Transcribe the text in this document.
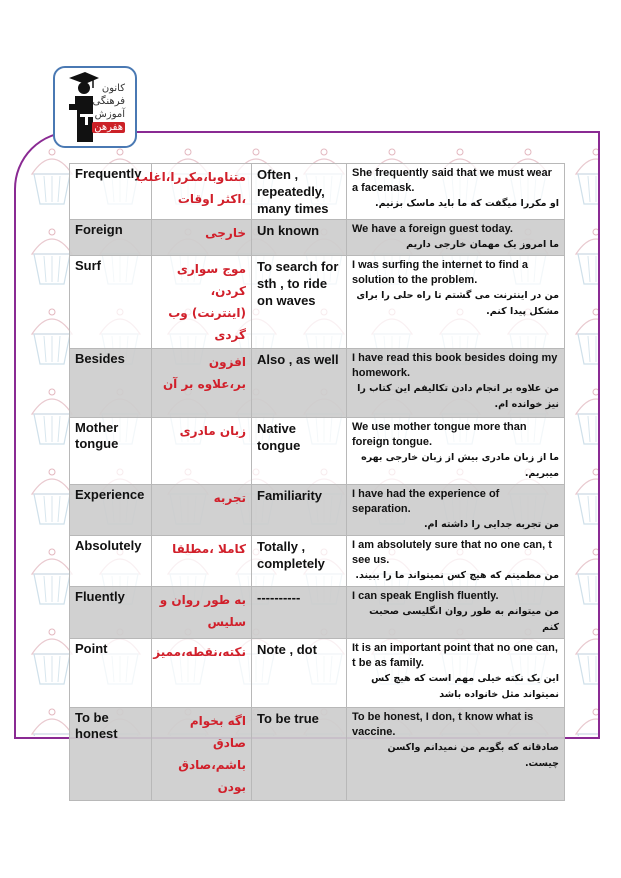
کانون
فرهنگی
آموزش
هفرهن
Frequently	متناوبا،مکررا،اغلب ،اکثر اوقات	Often , repeatedly, many times	She frequently said that we must wear a facemask.
او مکررا میگفت که ما باید ماسک بزنیم.

Foreign	خارجی	Un known	We have a foreign guest today.
ما امروز یک مهمان خارجی داریم

Surf	موج سواری کردن،(اینترنت) وب گردی	To search for sth , to ride on waves	I was surfing the internet to find a solution to the problem.
من در اینترنت می گشتم تا راه حلی را برای مشکل پیدا کنم.

Besides	افزون بر،علاوه بر آن	Also , as well	I have read this book besides doing my homework.
من علاوه بر انجام دادن تکالیفم این کتاب را نیز خوانده ام.

Mother tongue	زبان مادری	Native tongue	We use mother tongue more than foreign tongue.
ما از زبان مادری بیش از زبان خارجی بهره میبریم.

Experience	تجربه	Familiarity	I have had the experience of separation.
من تجربه جدایی را داشته ام.

Absolutely	کاملا ،مطلقا	Totally , completely	I am absolutely sure that no one can, t see us.
من مطمینم که هیچ کس نمیتواند ما را ببیند.

Fluently	به طور روان و سلیس	----------	I can speak English fluently.
من میتوانم به طور روان انگلیسی صحبت کنم

Point	نکته،نقطه،ممیز	Note , dot	It is an important point that no one can, t be as family.
این یک نکته خیلی مهم است که هیچ کس نمیتواند مثل خانواده باشد

To be honest	اگه بخوام صادق باشم،صادق بودن	To be true	To be honest, I don, t know what is vaccine.
صادقانه که بگویم من نمیدانم واکسن چیست.
